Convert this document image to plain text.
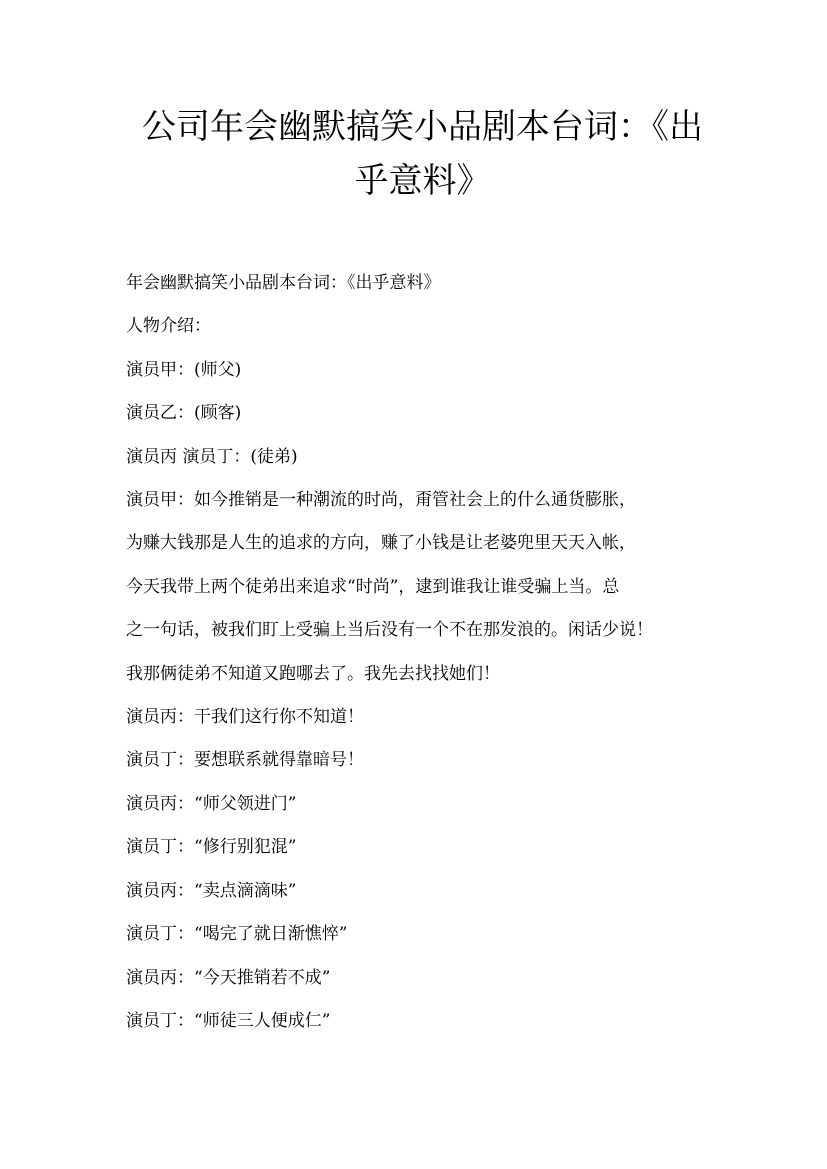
公司年会幽默搞笑小品剧本台词：《出
乎意料》

年会幽默搞笑小品剧本台词：《出乎意料》

人物介绍：

演员甲：(师父)

演员乙：(顾客)

演员丙 演员丁：(徒弟)

演员甲：如今推销是一种潮流的时尚，甭管社会上的什么通货膨胀，
为赚大钱那是人生的追求的方向，赚了小钱是让老婆兜里天天入帐，
今天我带上两个徒弟出来追求“时尚”，逮到谁我让谁受骗上当。总
之一句话，被我们盯上受骗上当后没有一个不在那发浪的。闲话少说！
我那俩徒弟不知道又跑哪去了。我先去找找她们！

演员丙：干我们这行你不知道！

演员丁：要想联系就得靠暗号！

演员丙：“师父领进门”

演员丁：“修行别犯混”

演员丙：“卖点滴滴味”

演员丁：“喝完了就日渐憔悴”

演员丙：“今天推销若不成”

演员丁：“师徒三人便成仁”
